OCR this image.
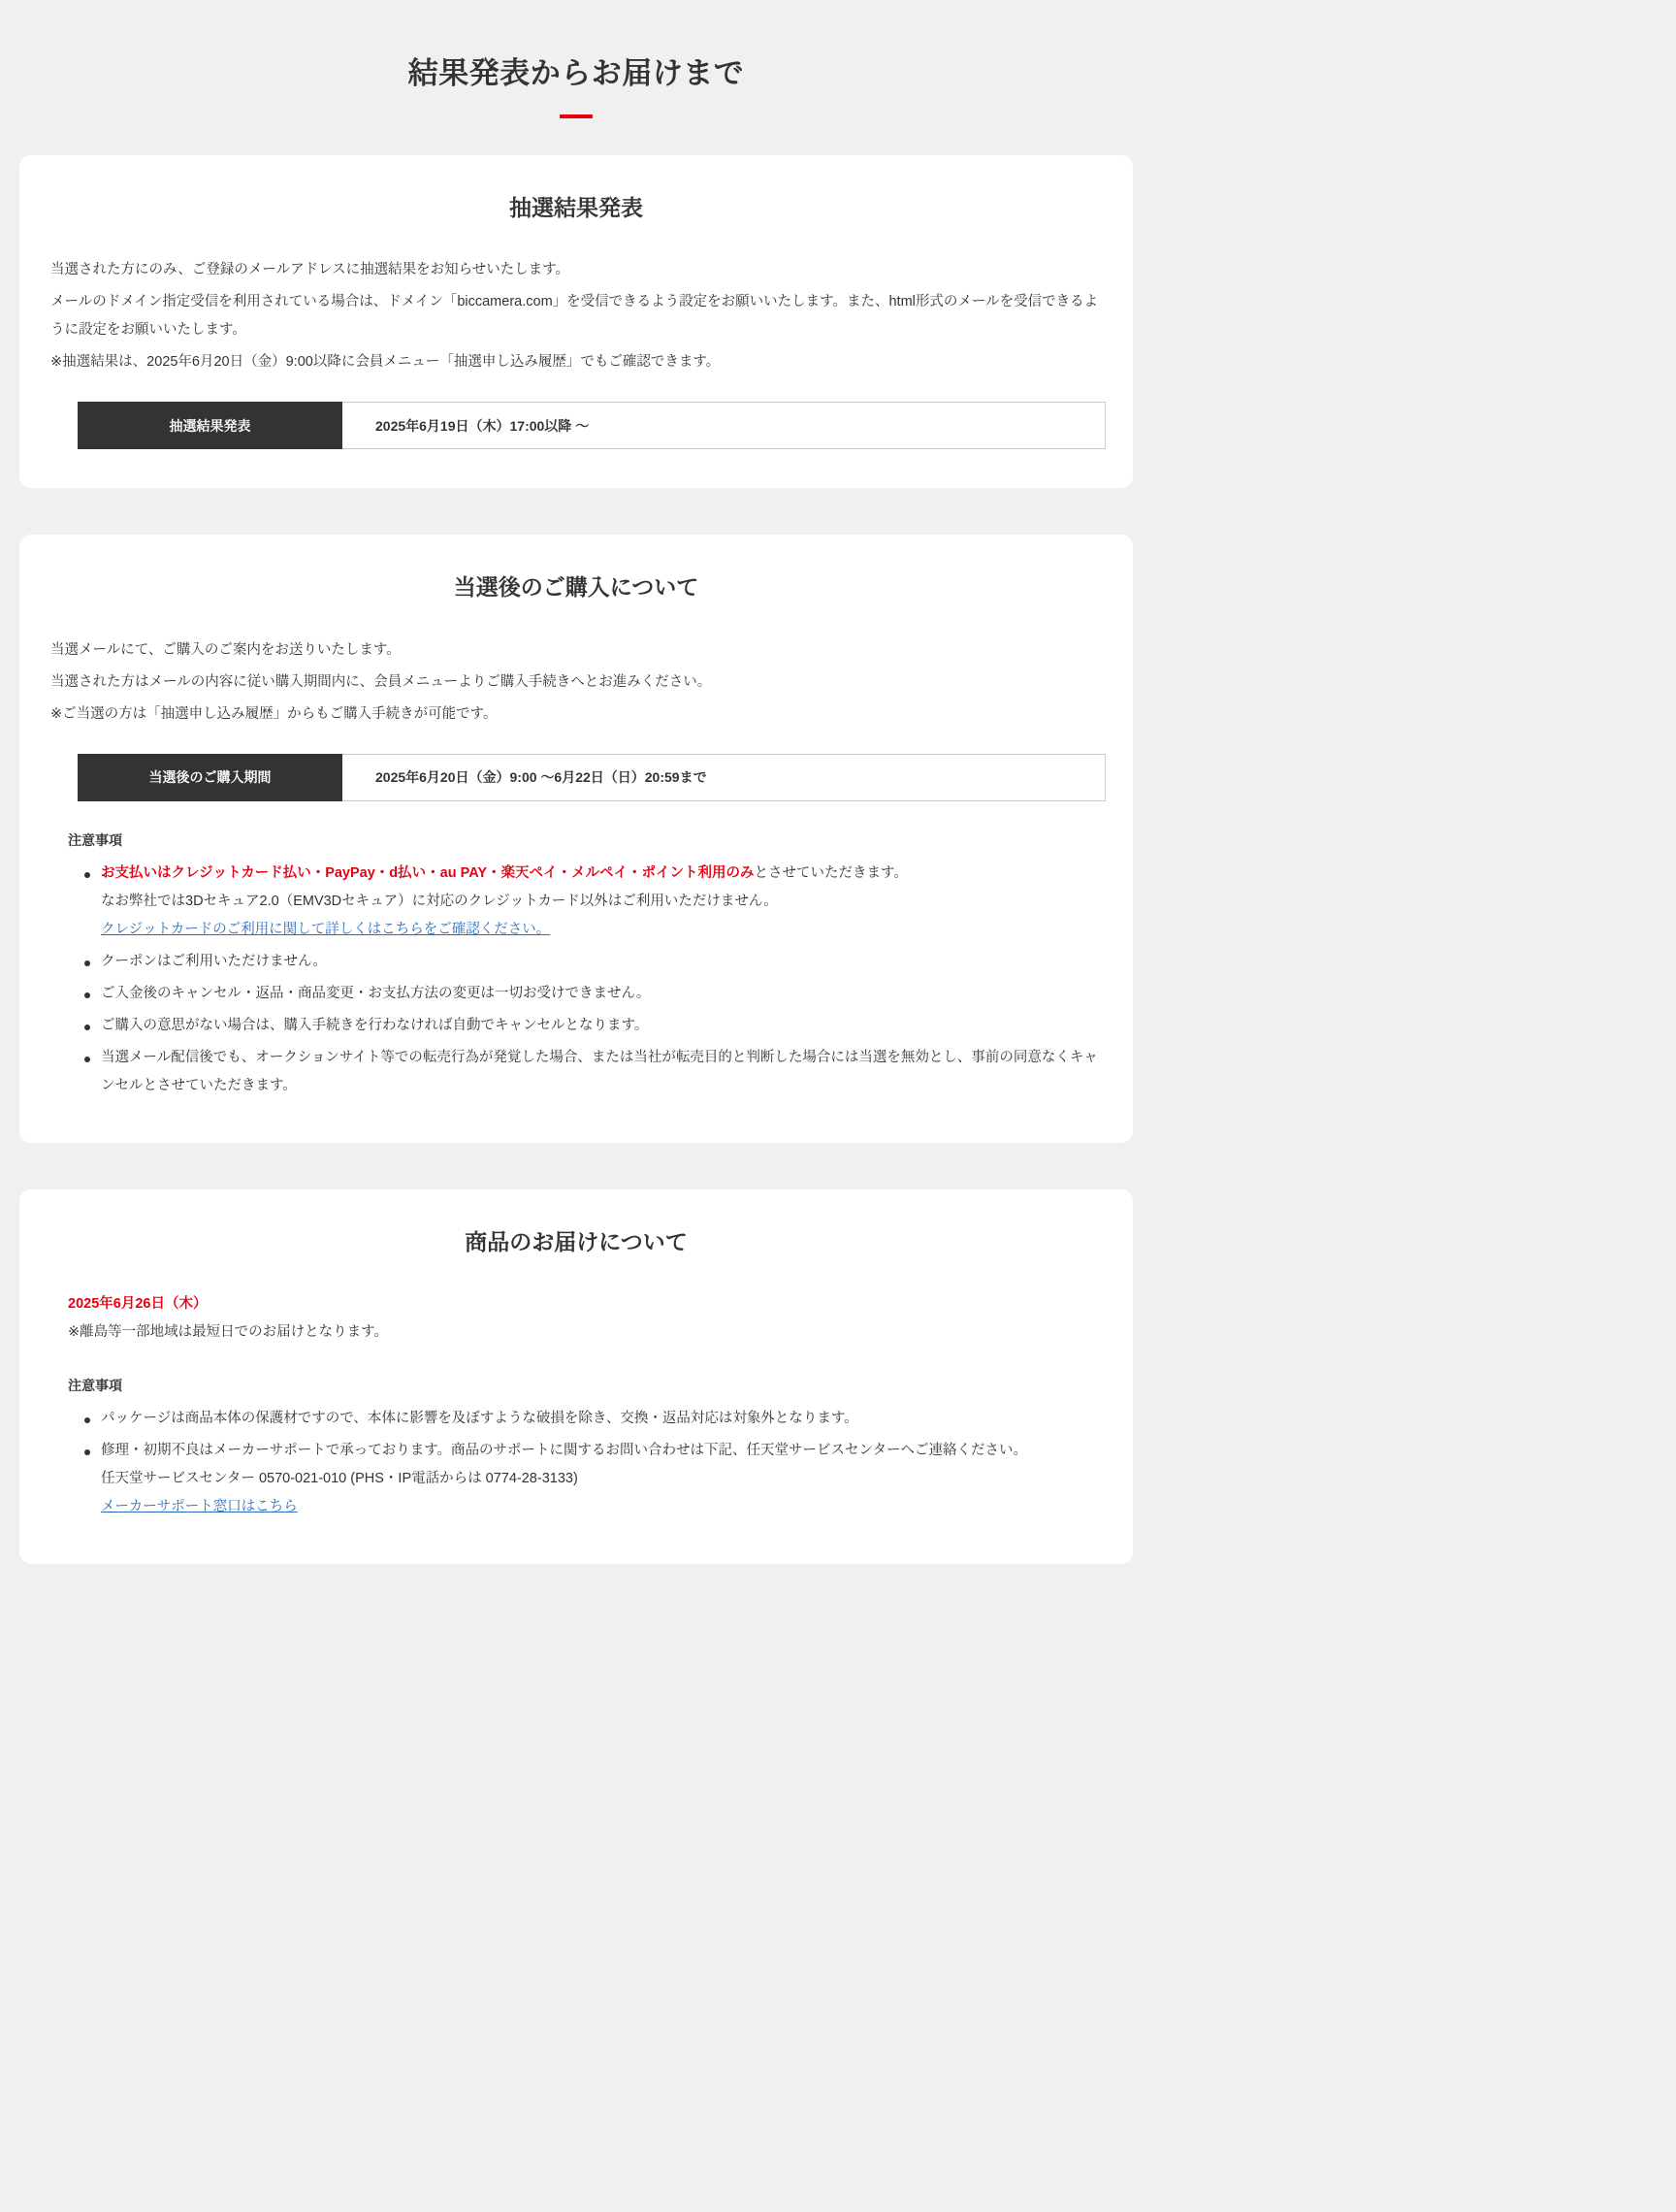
結果発表からお届けまで
抽選結果発表

当選された方にのみ、ご登録のメールアドレスに抽選結果をお知らせいたします。

メールのドメイン指定受信を利用されている場合は、ドメイン「biccamera.com」を受信できるよう設定をお願いいたします。また、html形式のメールを受信できるように設定をお願いいたします。

※抽選結果は、2025年6月20日（金）9:00以降に会員メニュー「抽選申し込み履歴」でもご確認できます。

抽選結果発表	2025年6月19日（木）17:00以降 〜
当選後のご購入について

当選メールにて、ご購入のご案内をお送りいたします。

当選された方はメールの内容に従い購入期間内に、会員メニューよりご購入手続きへとお進みください。

※ご当選の方は「抽選申し込み履歴」からもご購入手続きが可能です。

当選後のご購入期間	2025年6月20日（金）9:00 〜6月22日（日）20:59まで
注意事項
お支払いはクレジットカード払い・PayPay・d払い・au PAY・楽天ペイ・メルペイ・ポイント利用のみとさせていただきます。
なお弊社では3Dセキュア2.0（EMV3Dセキュア）に対応のクレジットカード以外はご利用いただけません。
クレジットカードのご利用に関して詳しくはこちらをご確認ください。
クーポンはご利用いただけません。
ご入金後のキャンセル・返品・商品変更・お支払方法の変更は一切お受けできません。
ご購入の意思がない場合は、購入手続きを行わなければ自動でキャンセルとなります。
当選メール配信後でも、オークションサイト等での転売行為が発覚した場合、または当社が転売目的と判断した場合には当選を無効とし、事前の同意なくキャンセルとさせていただきます。
商品のお届けについて
2025年6月26日（木）
※離島等一部地域は最短日でのお届けとなります。
注意事項
パッケージは商品本体の保護材ですので、本体に影響を及ぼすような破損を除き、交換・返品対応は対象外となります。
修理・初期不良はメーカーサポートで承っております。商品のサポートに関するお問い合わせは下記、任天堂サービスセンターへご連絡ください。
任天堂サービスセンター 0570-021-010 (PHS・IP電話からは 0774-28-3133)
メーカーサポート窓口はこちら
